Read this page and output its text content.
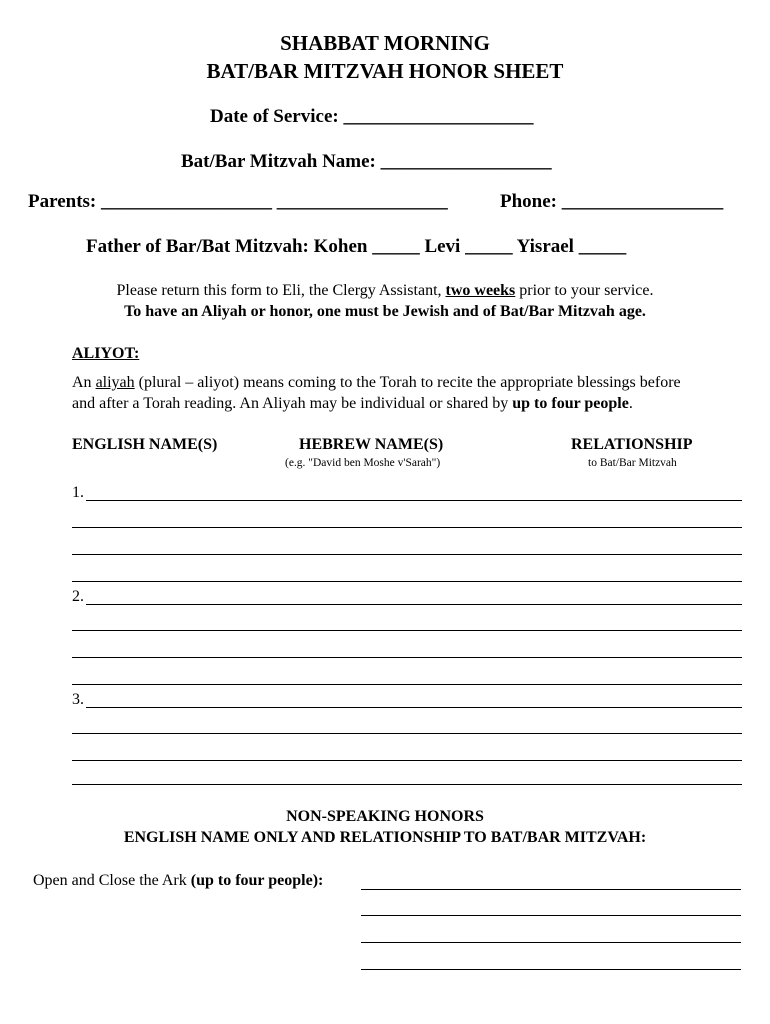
SHABBAT MORNING
BAT/BAR MITZVAH HONOR SHEET
Date of Service: ____________________
Bat/Bar Mitzvah Name: __________________
Parents: __________________ __________________	Phone: _________________
Father of Bar/Bat Mitzvah: Kohen _____ Levi _____ Yisrael _____
Please return this form to Eli, the Clergy Assistant, two weeks prior to your service.
To have an Aliyah or honor, one must be Jewish and of Bat/Bar Mitzvah age.
ALIYOT:
An aliyah (plural – aliyot) means coming to the Torah to recite the appropriate blessings before
and after a Torah reading. An Aliyah may be individual or shared by up to four people.
ENGLISH NAME(S)	HEBREW NAME(S)
(e.g. "David ben Moshe v'Sarah")
RELATIONSHIP
to Bat/Bar Mitzvah
1.
2.
3.
NON-SPEAKING HONORS
ENGLISH NAME ONLY AND RELATIONSHIP TO BAT/BAR MITZVAH:
Open and Close the Ark (up to four people):
